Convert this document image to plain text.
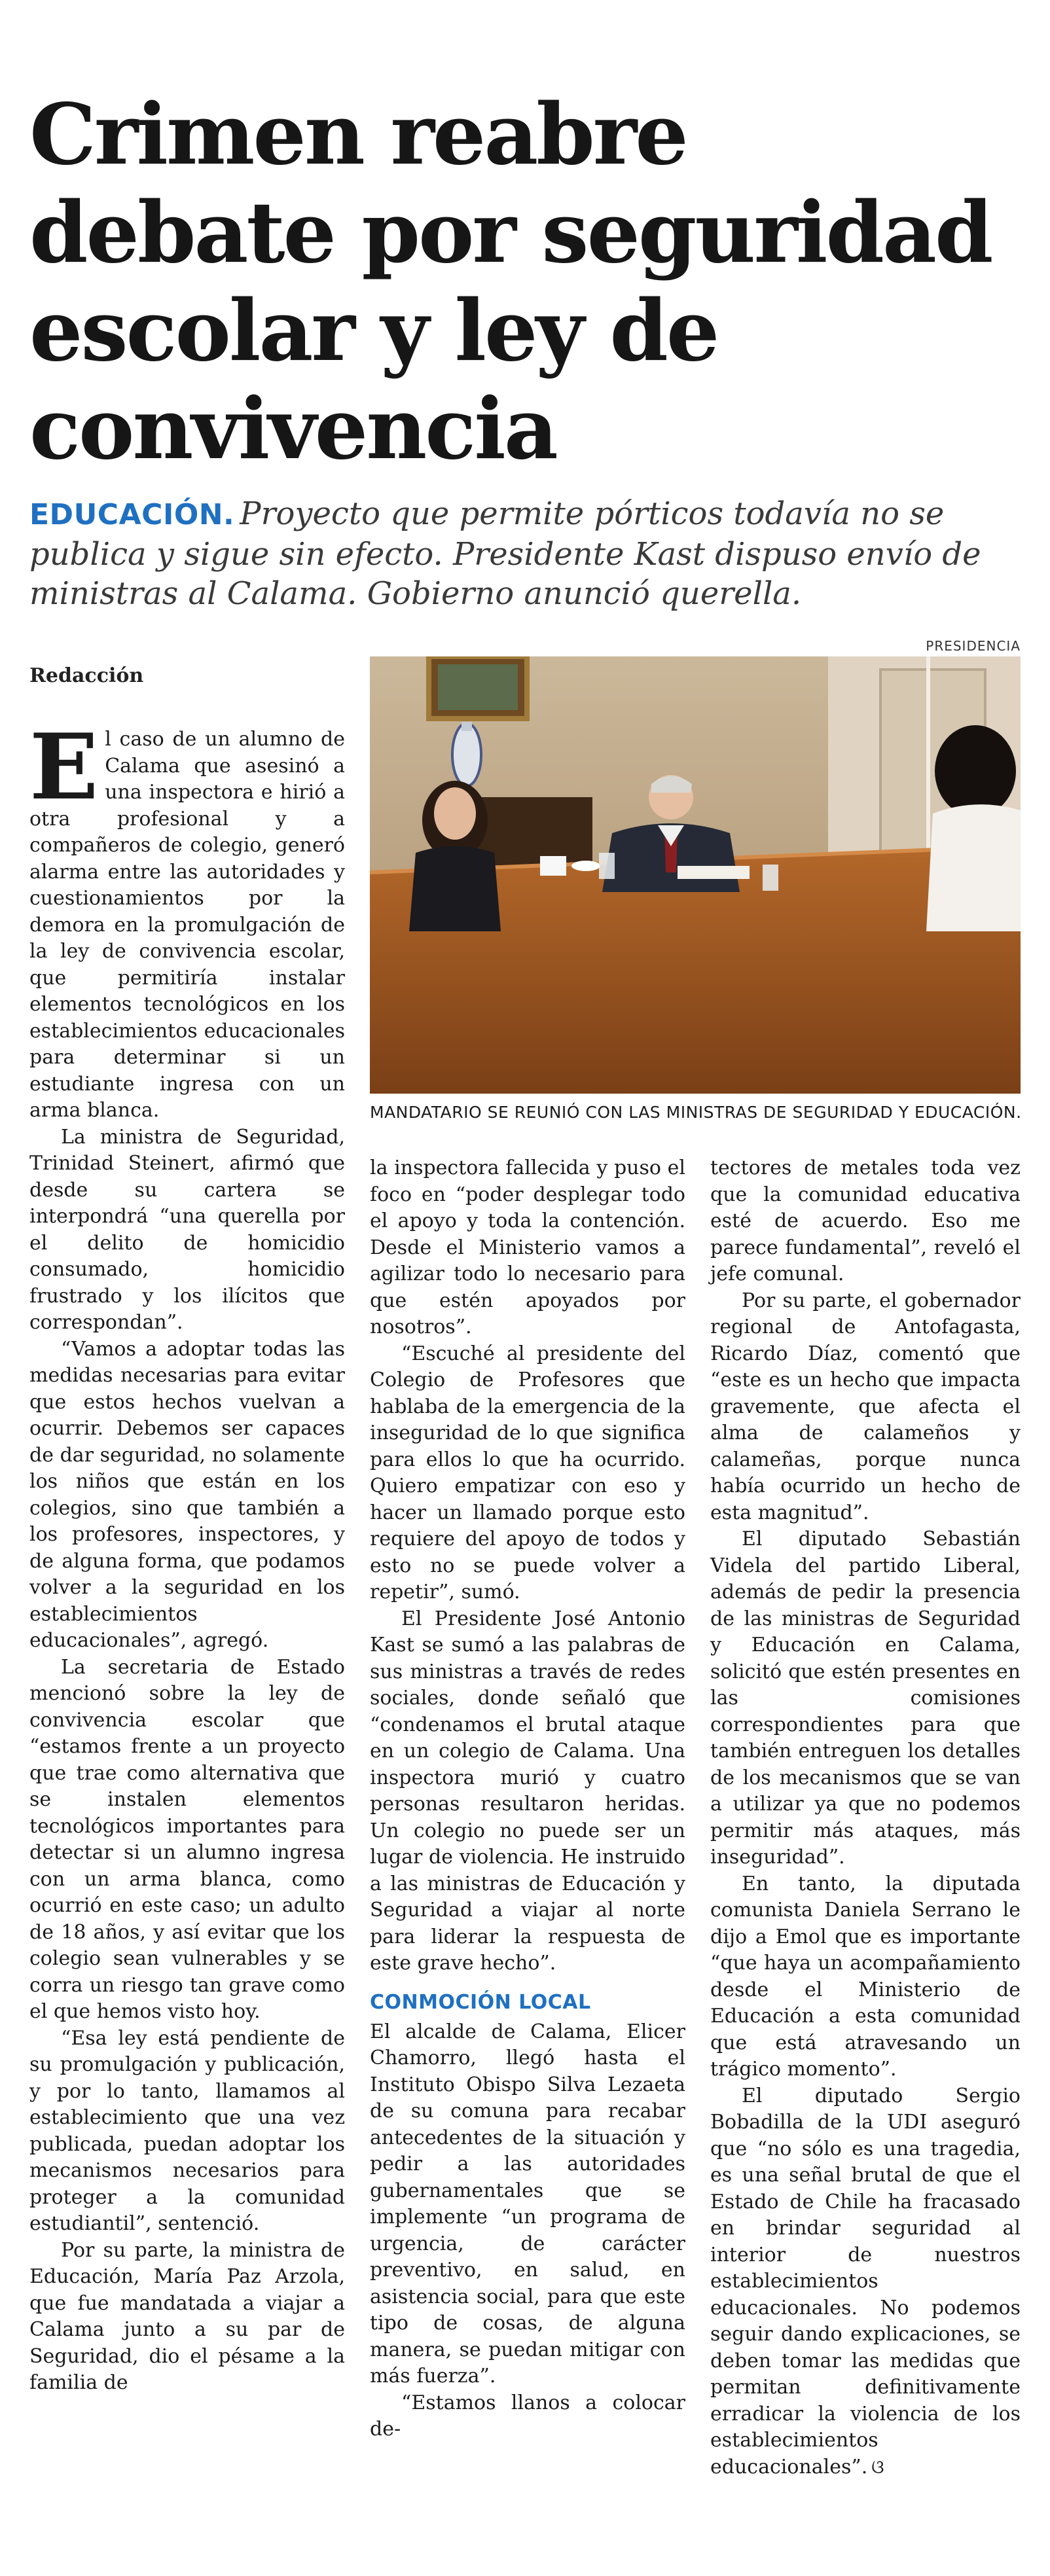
Crimen reabre
debate por seguridad
escolar y ley de
convivencia
EDUCACIÓN. Proyecto que permite pórticos todavía no se publica y sigue sin efecto. Presidente Kast dispuso envío de ministras al Calama. Gobierno anunció querella.
PRESIDENCIA
Redacción
MANDATARIO SE REUNIÓ CON LAS MINISTRAS DE SEGURIDAD Y EDUCACIÓN.

El caso de un alumno de Calama que asesinó a una inspectora e hirió a otra profesional y a compañeros de colegio, generó alarma entre las autoridades y cuestionamientos por la demora en la promulgación de la ley de convivencia escolar, que permitiría instalar elementos tecnológicos en los establecimientos educacionales para determinar si un estudiante ingresa con un arma blanca.

La ministra de Seguridad, Trinidad Steinert, afirmó que desde su cartera se interpondrá “una querella por el delito de homicidio consumado, homicidio frustrado y los ilícitos que correspondan”.

“Vamos a adoptar todas las medidas necesarias para evitar que estos hechos vuelvan a ocurrir. Debemos ser capaces de dar seguridad, no solamente los niños que están en los colegios, sino que también a los profesores, inspectores, y de alguna forma, que podamos volver a la seguridad en los establecimientos educacionales”, agregó.

La secretaria de Estado mencionó sobre la ley de convivencia escolar que “estamos frente a un proyecto que trae como alternativa que se instalen elementos tecnológicos importantes para detectar si un alumno ingresa con un arma blanca, como ocurrió en este caso; un adulto de 18 años, y así evitar que los colegio sean vulnerables y se corra un riesgo tan grave como el que hemos visto hoy.

“Esa ley está pendiente de su promulgación y publicación, y por lo tanto, llamamos al establecimiento que una vez publicada, puedan adoptar los mecanismos necesarios para proteger a la comunidad estudiantil”, sentenció.

Por su parte, la ministra de Educación, María Paz Arzola, que fue mandatada a viajar a Calama junto a su par de Seguridad, dio el pésame a la familia de

la inspectora fallecida y puso el foco en “poder desplegar todo el apoyo y toda la contención. Desde el Ministerio vamos a agilizar todo lo necesario para que estén apoyados por nosotros”.

“Escuché al presidente del Colegio de Profesores que hablaba de la emergencia de la inseguridad de lo que significa para ellos lo que ha ocurrido. Quiero empatizar con eso y hacer un llamado porque esto requiere del apoyo de todos y esto no se puede volver a repetir”, sumó.

El Presidente José Antonio Kast se sumó a las palabras de sus ministras a través de redes sociales, donde señaló que “condenamos el brutal ataque en un colegio de Calama. Una inspectora murió y cuatro personas resultaron heridas. Un colegio no puede ser un lugar de violencia. He instruido a las ministras de Educación y Seguridad a viajar al norte para liderar la respuesta de este grave hecho”.

CONMOCIÓN LOCAL

El alcalde de Calama, Elicer Chamorro, llegó hasta el Instituto Obispo Silva Lezaeta de su comuna para recabar antecedentes de la situación y pedir a las autoridades gubernamentales que se implemente “un programa de urgencia, de carácter preventivo, en salud, en asistencia social, para que este tipo de cosas, de alguna manera, se puedan mitigar con más fuerza”.

“Estamos llanos a colocar de-

tectores de metales toda vez que la comunidad educativa esté de acuerdo. Eso me parece fundamental”, reveló el jefe comunal.

Por su parte, el gobernador regional de Antofagasta, Ricardo Díaz, comentó que “este es un hecho que impacta gravemente, que afecta el alma de calameños y calameñas, porque nunca había ocurrido un hecho de esta magnitud”.

El diputado Sebastián Videla del partido Liberal, además de pedir la presencia de las ministras de Seguridad y Educación en Calama, solicitó que estén presentes en las comisiones correspondientes para que también entreguen los detalles de los mecanismos que se van a utilizar ya que no podemos permitir más ataques, más inseguridad”.

En tanto, la diputada comunista Daniela Serrano le dijo a Emol que es importante “que haya un acompañamiento desde el Ministerio de Educación a esta comunidad que está atravesando un trágico momento”.

El diputado Sergio Bobadilla de la UDI aseguró que “no sólo es una tragedia, es una señal brutal de que el Estado de Chile ha fracasado en brindar seguridad al interior de nuestros establecimientos educacionales. No podemos seguir dando explicaciones, se deben tomar las medidas que permitan definitivamente erradicar la violencia de los establecimientos educacionales”. ଓ
